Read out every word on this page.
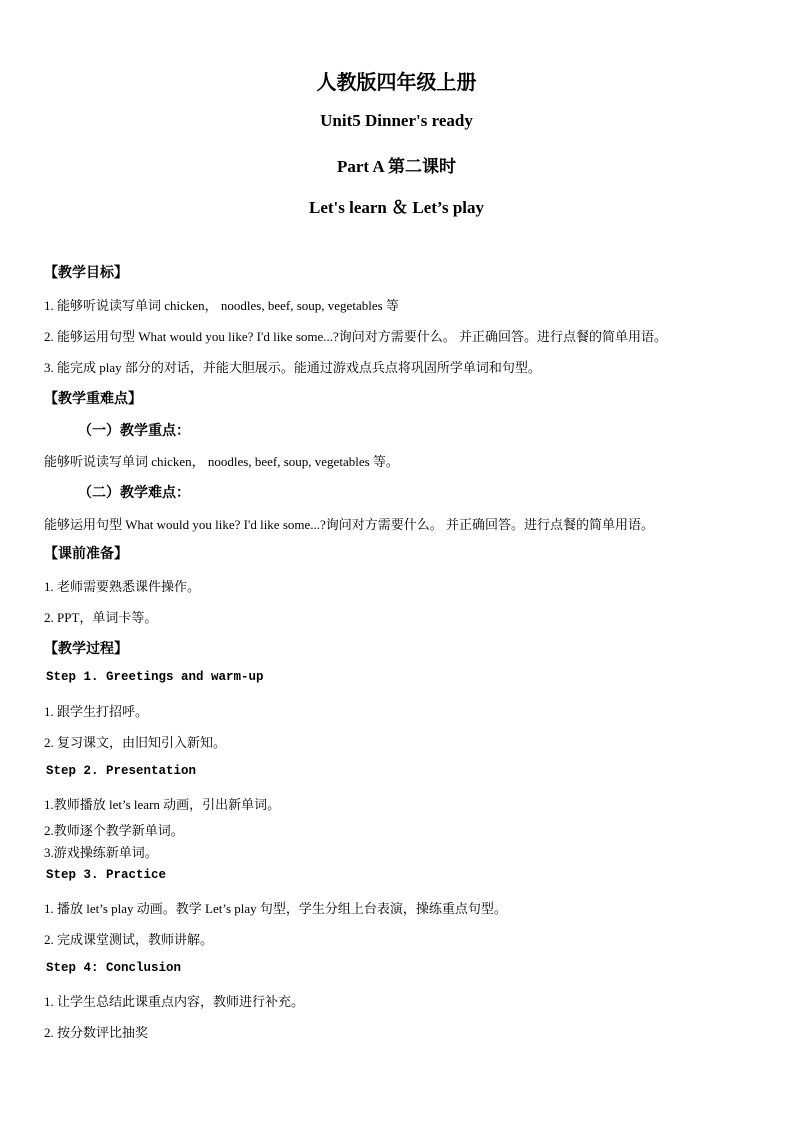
人教版四年级上册
Unit5 Dinner's ready
Part A 第二课时
Let's learn ＆ Let’s play
【教学目标】
1. 能够听说读写单词 chicken， noodles, beef, soup, vegetables 等
2. 能够运用句型 What would you like? I'd like some...?询问对方需要什么。 并正确回答。进行点餐的简单用语。
3. 能完成 play 部分的对话，并能大胆展示。能通过游戏点兵点将巩固所学单词和句型。
【教学重难点】
（一）教学重点：
能够听说读写单词 chicken， noodles, beef, soup, vegetables 等。
（二）教学难点：
能够运用句型 What would you like? I'd like some...?询问对方需要什么。 并正确回答。进行点餐的简单用语。
【课前准备】
1. 老师需要熟悉课件操作。
2. PPT，单词卡等。
【教学过程】
Step 1. Greetings and warm-up
1. 跟学生打招呼。
2. 复习课文，由旧知引入新知。
Step 2. Presentation
1.教师播放 let’s learn 动画，引出新单词。
2.教师逐个教学新单词。
3.游戏操练新单词。
Step 3. Practice
1. 播放 let’s play 动画。教学 Let’s play 句型，学生分组上台表演，操练重点句型。
2. 完成课堂测试，教师讲解。
Step 4: Conclusion
1. 让学生总结此课重点内容，教师进行补充。
2. 按分数评比抽奖
